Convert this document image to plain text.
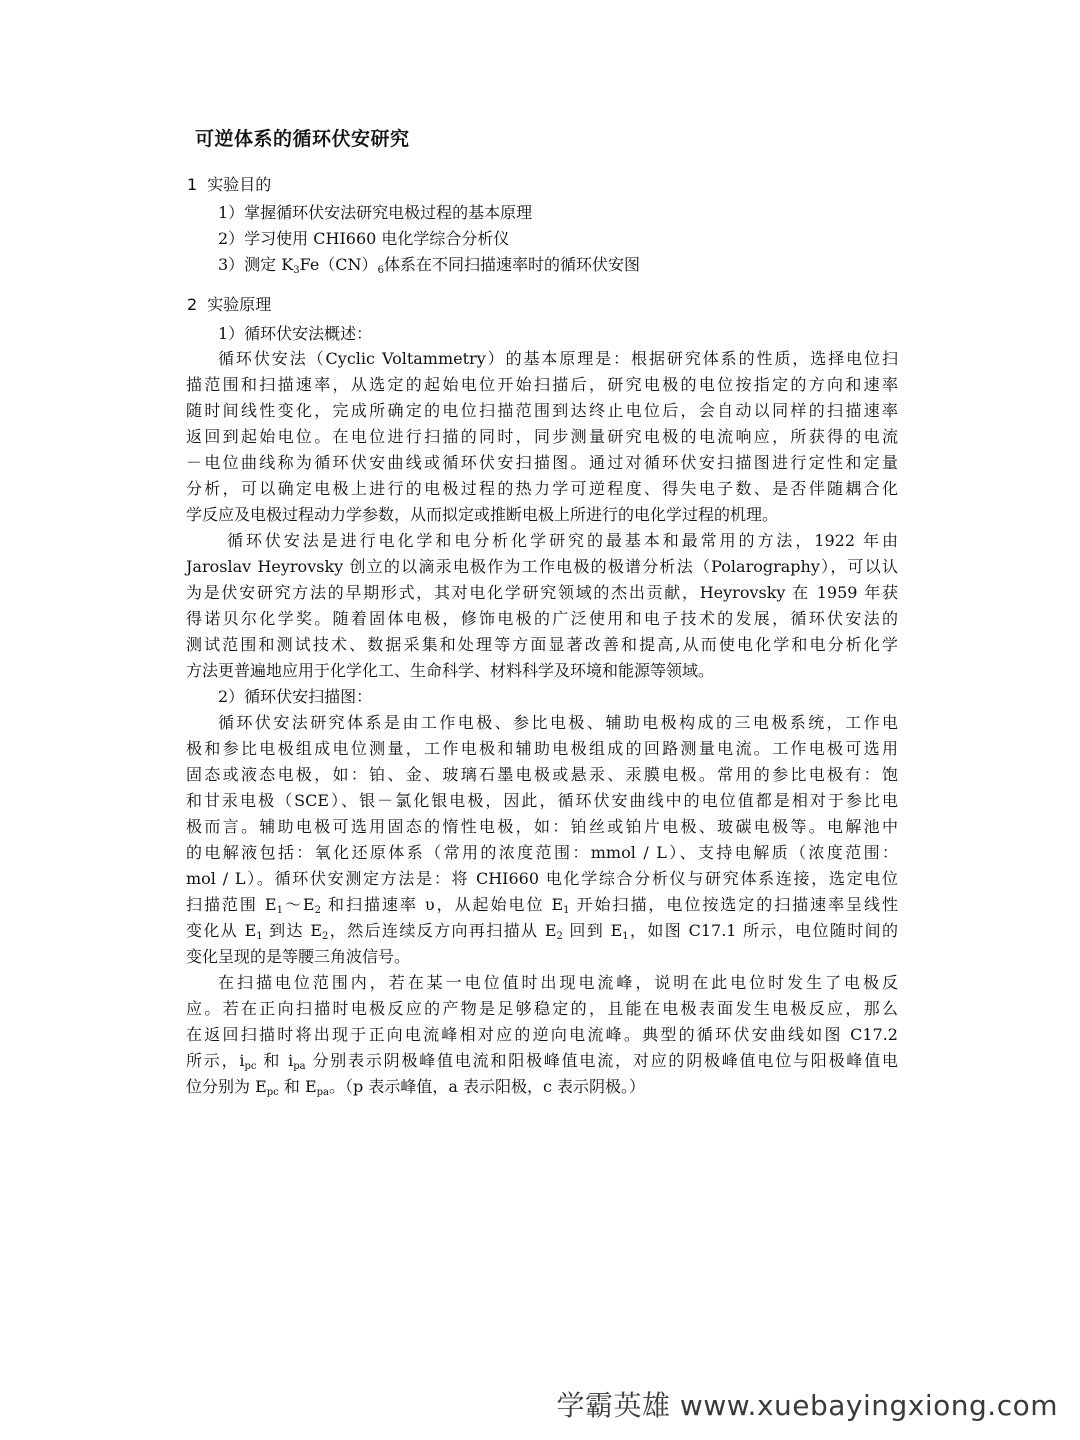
可逆体系的循环伏安研究
1 实验目的
1）掌握循环伏安法研究电极过程的基本原理
2）学习使用 CHI660 电化学综合分析仪
3）测定 $K_3Fe(CN)_6$体系在不同扫描速率时的循环伏安图
2 实验原理
1）循环伏安法概述：
循环伏安法（Cyclic Voltammetry）的基本原理是：根据研究体系的性质，选择电位扫
描范围和扫描速率，从选定的起始电位开始扫描后，研究电极的电位按指定的方向和速率
随时间线性变化，完成所确定的电位扫描范围到达终止电位后，会自动以同样的扫描速率
返回到起始电位。在电位进行扫描的同时，同步测量研究电极的电流响应，所获得的电流
－电位曲线称为循环伏安曲线或循环伏安扫描图。通过对循环伏安扫描图进行定性和定量
分析，可以确定电极上进行的电极过程的热力学可逆程度、得失电子数、是否伴随耦合化
学反应及电极过程动力学参数，从而拟定或推断电极上所进行的电化学过程的机理。
循环伏安法是进行电化学和电分析化学研究的最基本和最常用的方法，1922 年由
Jaroslav Heyrovsky 创立的以滴汞电极作为工作电极的极谱分析法（Polarography），可以认
为是伏安研究方法的早期形式，其对电化学研究领域的杰出贡献，Heyrovsky 在 1959 年获
得诺贝尔化学奖。随着固体电极，修饰电极的广泛使用和电子技术的发展，循环伏安法的
测试范围和测试技术、数据采集和处理等方面显著改善和提高,从而使电化学和电分析化学
方法更普遍地应用于化学化工、生命科学、材料科学及环境和能源等领域。
2）循环伏安扫描图：
循环伏安法研究体系是由工作电极、参比电极、辅助电极构成的三电极系统，工作电
极和参比电极组成电位测量，工作电极和辅助电极组成的回路测量电流。工作电极可选用
固态或液态电极，如：铂、金、玻璃石墨电极或悬汞、汞膜电极。常用的参比电极有：饱
和甘汞电极（SCE）、银－氯化银电极，因此，循环伏安曲线中的电位值都是相对于参比电
极而言。辅助电极可选用固态的惰性电极，如：铂丝或铂片电极、玻碳电极等。电解池中
的电解液包括：氧化还原体系（常用的浓度范围：mmol / L）、支持电解质（浓度范围：
mol / L）。循环伏安测定方法是：将 CHI660 电化学综合分析仪与研究体系连接，选定电位
扫描范围 $E_1\sim E_2$ 和扫描速率 υ，从起始电位 $E_1$ 开始扫描，电位按选定的扫描速率呈线性
变化从 $E_1$ 到达 $E_2$，然后连续反方向再扫描从 $E_2$ 回到 $E_1$，如图 C17.1 所示，电位随时间的
变化呈现的是等腰三角波信号。
在扫描电位范围内，若在某一电位值时出现电流峰，说明在此电位时发生了电极反
应。若在正向扫描时电极反应的产物是足够稳定的，且能在电极表面发生电极反应，那么
在返回扫描时将出现于正向电流峰相对应的逆向电流峰。典型的循环伏安曲线如图 C17.2
所示，$i_{pc}$ 和 $i_{pa}$ 分别表示阴极峰值电流和阳极峰值电流，对应的阴极峰值电位与阳极峰值电
位分别为 $E_{pc}$ 和 $E_{pa}$。（p 表示峰值，a 表示阳极，c 表示阴极。）
学霸英雄 www.xuebayingxiong.com
